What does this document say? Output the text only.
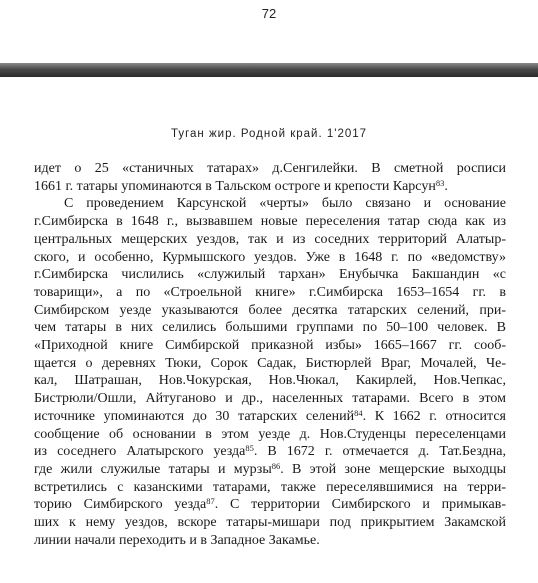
72
Туган жир. Родной край. 1'2017
идет о 25 «станичных татарах» д.Сенгилейки. В сметной росписи
1661 г. татары упоминаются в Тальском остроге и крепости Карсун$^{83}$.
С проведением Карсунской «черты» было связано и основание
г.Симбирска в 1648 г., вызвавшем новые переселения татар сюда как из
центральных мещерских уездов, так и из соседних территорий Алатыр-
ского, и особенно, Курмышского уездов. Уже в 1648 г. по «ведомству»
г.Симбирска числились «служилый тархан» Енубычка Бакшандин «с
товарищи», а по «Строельной книге» г.Симбирска 1653–1654 гг. в
Симбирском уезде указываются более десятка татарских селений, при-
чем татары в них селились большими группами по 50–100 человек. В
«Приходной книге Симбирской приказной избы» 1665–1667 гг. сооб-
щается о деревнях Тюки, Сорок Садак, Бистюрлей Враг, Мочалей, Че-
кал, Шатрашан, Нов.Чокурская, Нов.Чюкал, Какирлей, Нов.Чепкас,
Бистрюли/Ошли, Айтуганово и др., населенных татарами. Всего в этом
источнике упоминаются до 30 татарских селений$^{84}$. К 1662 г. относится
сообщение об основании в этом уезде д. Нов.Студенцы переселенцами
из соседнего Алатырского уезда$^{85}$. В 1672 г. отмечается д. Тат.Бездна,
где жили служилые татары и мурзы$^{86}$. В этой зоне мещерские выходцы
встретились с казанскими татарами, также переселявшимися на терри-
торию Симбирского уезда$^{87}$. С территории Симбирского и примыкав-
ших к нему уездов, вскоре татары-мишари под прикрытием Закамской
линии начали переходить и в Западное Закамье.
